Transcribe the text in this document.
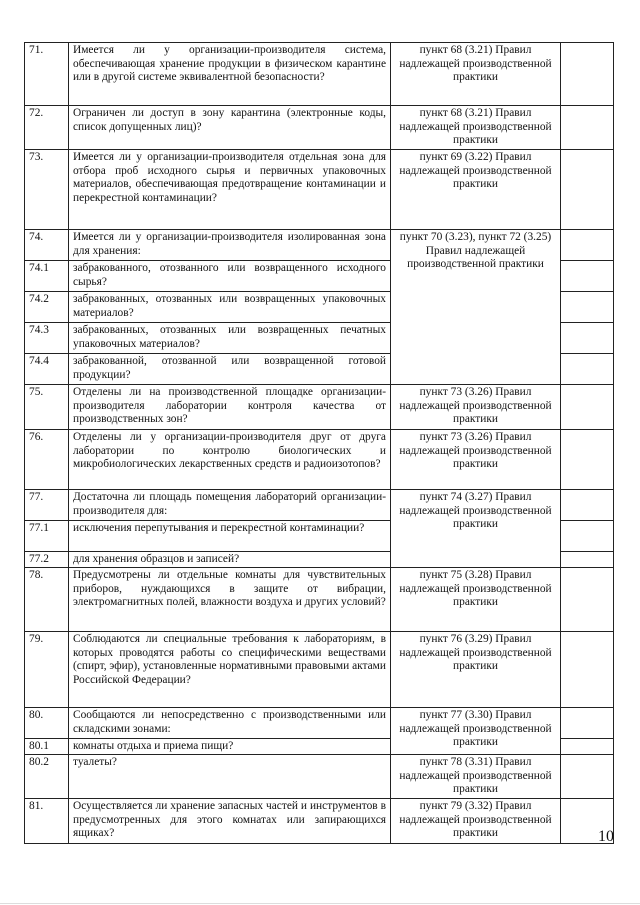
71.	Имеется ли у организации-производителя система, обеспечивающая хранение продукции в физическом карантине или в другой системе эквивалентной безопасности?	пункт 68 (3.21) Правил надлежащей производственной практики	
72.	Ограничен ли доступ в зону карантина (электронные коды, список допущенных лиц)?	пункт 68 (3.21) Правил надлежащей производственной практики	
73.	Имеется ли у организации-производителя отдельная зона для отбора проб исходного сырья и первичных упаковочных материалов, обеспечивающая предотвращение контаминации и перекрестной контаминации?	пункт 69 (3.22) Правил надлежащей производственной практики	
74.	Имеется ли у организации-производителя изолированная зона для хранения:	пункт 70 (3.23), пункт 72 (3.25) Правил надлежащей производственной практики	
74.1	забракованного, отозванного или возвращенного исходного сырья?		
74.2	забракованных, отозванных или возвращенных упаковочных материалов?		
74.3	забракованных, отозванных или возвращенных печатных упаковочных материалов?		
74.4	забракованной, отозванной или возвращенной готовой продукции?		
75.	Отделены ли на производственной площадке организации-производителя лаборатории контроля качества от производственных зон?	пункт 73 (3.26) Правил надлежащей производственной практики	
76.	Отделены ли у организации-производителя друг от друга лаборатории по контролю биологических и микробиологических лекарственных средств и радиоизотопов?	пункт 73 (3.26) Правил надлежащей производственной практики	
77.	Достаточна ли площадь помещения лабораторий организации-производителя для:	пункт 74 (3.27) Правил надлежащей производственной практики	
77.1	исключения перепутывания и перекрестной контаминации?		
77.2	для хранения образцов и записей?		
78.	Предусмотрены ли отдельные комнаты для чувствительных приборов, нуждающихся в защите от вибрации, электромагнитных полей, влажности воздуха и других условий?	пункт 75 (3.28) Правил надлежащей производственной практики	
79.	Соблюдаются ли специальные требования к лабораториям, в которых проводятся работы со специфическими веществами (спирт, эфир), установленные нормативными правовыми актами Российской Федерации?	пункт 76 (3.29) Правил надлежащей производственной практики	
80.	Сообщаются ли непосредственно с производственными или складскими зонами:	пункт 77 (3.30) Правил надлежащей производственной практики	
80.1	комнаты отдыха и приема пищи?		
80.2	туалеты?	пункт 78 (3.31) Правил надлежащей производственной практики	
81.	Осуществляется ли хранение запасных частей и инструментов в предусмотренных для этого комнатах или запирающихся ящиках?	пункт 79 (3.32) Правил надлежащей производственной практики		10
